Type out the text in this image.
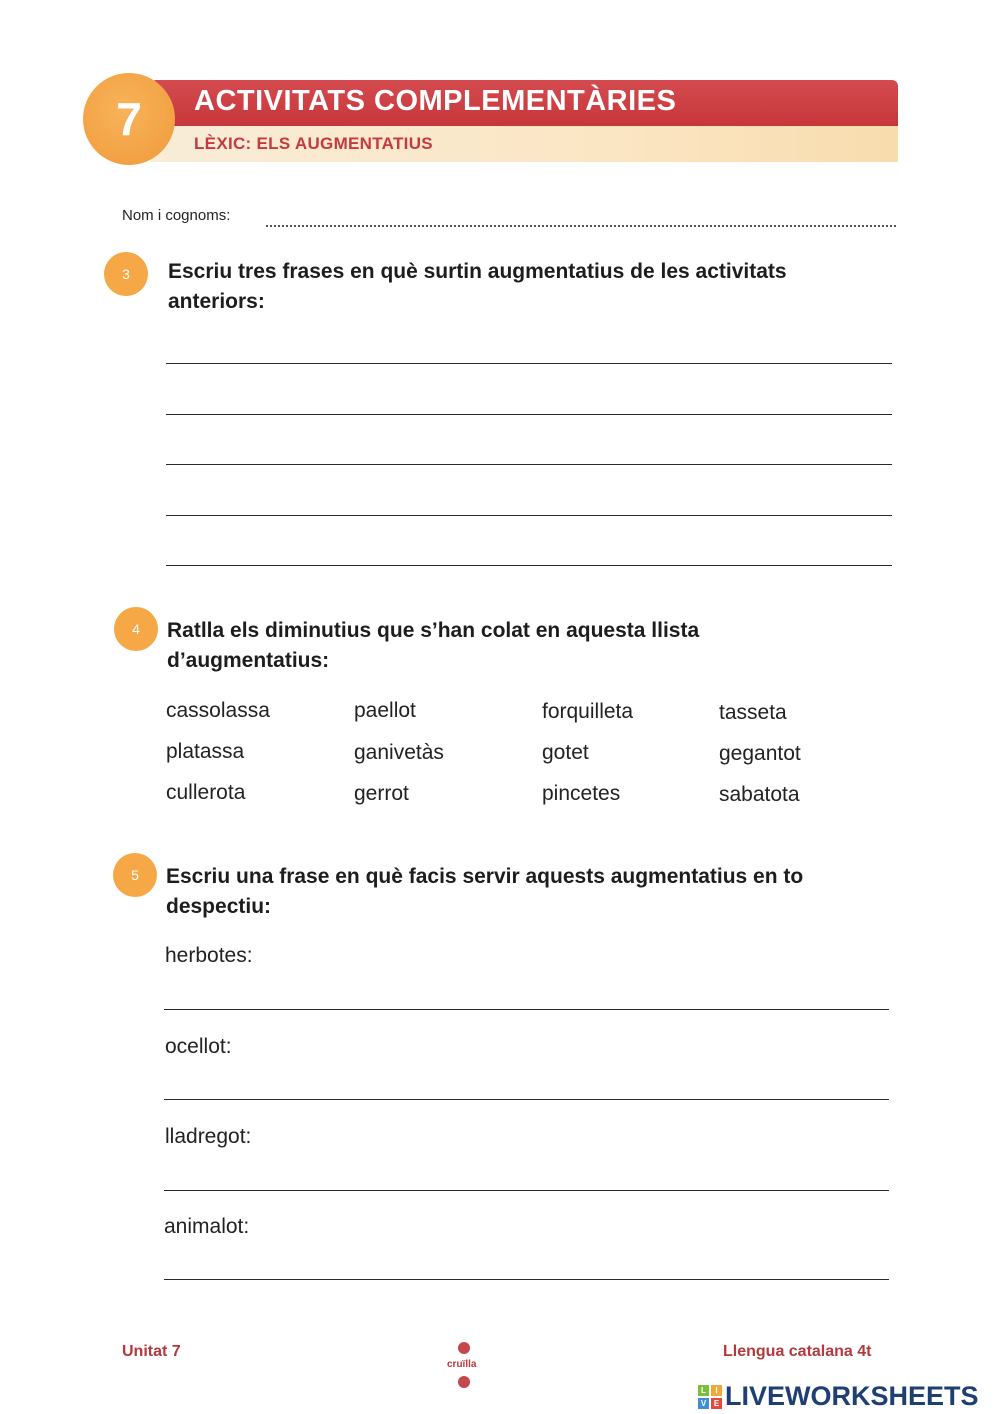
7	ACTIVITATS COMPLEMENTÀRIES
LÈXIC: ELS AUGMENTATIUS
Nom i cognoms:
3	Escriu tres frases en què surtin augmentatius de les activitats
anteriors:
4	Ratlla els diminutius que s’han colat en aquesta llista
d’augmentatius:
cassolassa	paellot	forquilleta	tasseta
platassa	ganivetàs	gotet	gegantot
cullerota	gerrot	pincetes	sabatota
5	Escriu una frase en què facis servir aquests augmentatius en to
despectiu:
herbotes:
ocellot:
lladregot:
animalot:
Unitat 7
cruïlla
Llengua catalana 4t
L	I
V E LIVEWORKSHEETS
